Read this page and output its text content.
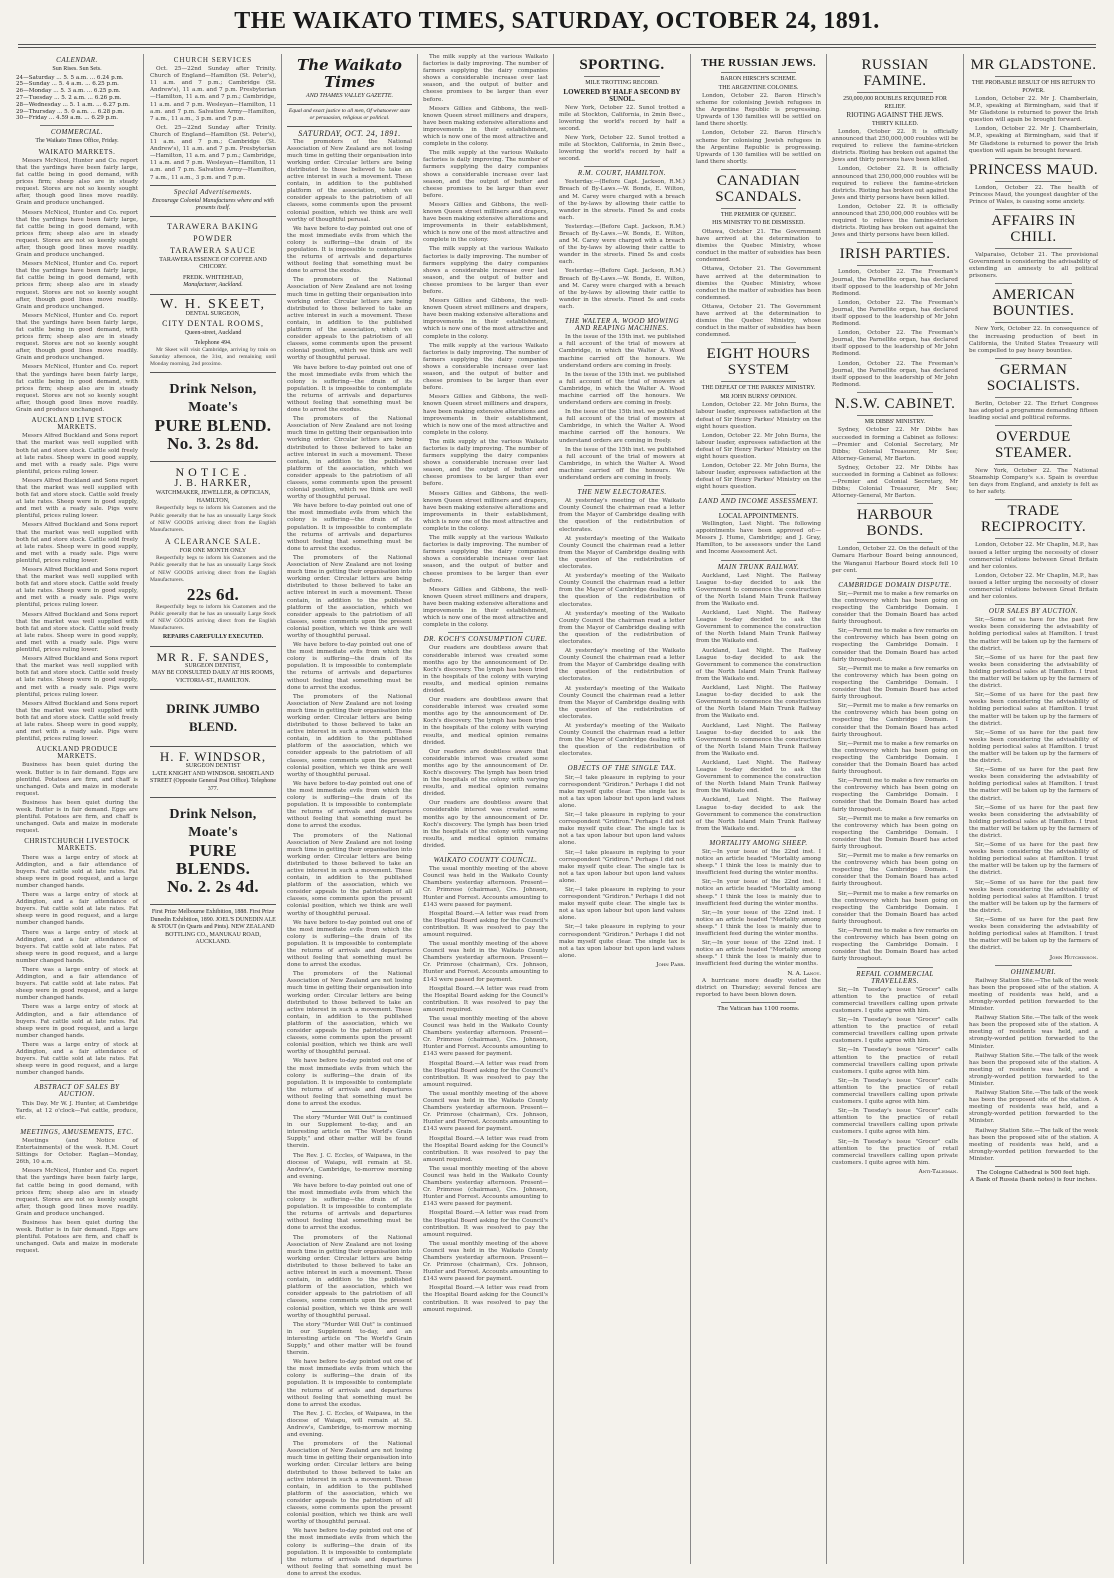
THE WAIKATO TIMES, SATURDAY, OCTOBER 24, 1891.
CALENDAR.
Sun Rises. Sun Sets.
24—Saturday ... 5. 5 a.m. ... 6.24 p.m.
25—Sunday ... 5. 4 a.m. ... 6.25 p.m.
26—Monday ... 5. 3 a.m. ... 6.25 p.m.
27—Tuesday ... 5. 2 a.m. ... 6.26 p.m.
28—Wednesday ... 5. 1 a.m. ... 6.27 p.m.
29—Thursday ... 5. 0 a.m. ... 6.28 p.m.
30—Friday ... 4.59 a.m. ... 6.29 p.m.
COMMERCIAL.
The Waikato Times Office, Friday.
WAIKATO MARKETS.

Messrs McNicol, Hunter and Co. report that the yardings have been fairly large, fat cattle being in good demand, with prices firm; sheep also are in steady request. Stores are not so keenly sought after, though good lines move readily. Grain and produce unchanged.

Messrs McNicol, Hunter and Co. report that the yardings have been fairly large, fat cattle being in good demand, with prices firm; sheep also are in steady request. Stores are not so keenly sought after, though good lines move readily. Grain and produce unchanged.

Messrs McNicol, Hunter and Co. report that the yardings have been fairly large, fat cattle being in good demand, with prices firm; sheep also are in steady request. Stores are not so keenly sought after, though good lines move readily. Grain and produce unchanged.

Messrs McNicol, Hunter and Co. report that the yardings have been fairly large, fat cattle being in good demand, with prices firm; sheep also are in steady request. Stores are not so keenly sought after, though good lines move readily. Grain and produce unchanged.

Messrs McNicol, Hunter and Co. report that the yardings have been fairly large, fat cattle being in good demand, with prices firm; sheep also are in steady request. Stores are not so keenly sought after, though good lines move readily. Grain and produce unchanged.

AUCKLAND LIVE STOCK MARKETS.

Messrs Alfred Buckland and Sons report that the market was well supplied with both fat and store stock. Cattle sold freely at late rates. Sheep were in good supply, and met with a ready sale. Pigs were plentiful, prices ruling lower.

Messrs Alfred Buckland and Sons report that the market was well supplied with both fat and store stock. Cattle sold freely at late rates. Sheep were in good supply, and met with a ready sale. Pigs were plentiful, prices ruling lower.

Messrs Alfred Buckland and Sons report that the market was well supplied with both fat and store stock. Cattle sold freely at late rates. Sheep were in good supply, and met with a ready sale. Pigs were plentiful, prices ruling lower.

Messrs Alfred Buckland and Sons report that the market was well supplied with both fat and store stock. Cattle sold freely at late rates. Sheep were in good supply, and met with a ready sale. Pigs were plentiful, prices ruling lower.

Messrs Alfred Buckland and Sons report that the market was well supplied with both fat and store stock. Cattle sold freely at late rates. Sheep were in good supply, and met with a ready sale. Pigs were plentiful, prices ruling lower.

Messrs Alfred Buckland and Sons report that the market was well supplied with both fat and store stock. Cattle sold freely at late rates. Sheep were in good supply, and met with a ready sale. Pigs were plentiful, prices ruling lower.

Messrs Alfred Buckland and Sons report that the market was well supplied with both fat and store stock. Cattle sold freely at late rates. Sheep were in good supply, and met with a ready sale. Pigs were plentiful, prices ruling lower.

AUCKLAND PRODUCE MARKETS.

Business has been quiet during the week. Butter is in fair demand. Eggs are plentiful. Potatoes are firm, and chaff is unchanged. Oats and maize in moderate request.

Business has been quiet during the week. Butter is in fair demand. Eggs are plentiful. Potatoes are firm, and chaff is unchanged. Oats and maize in moderate request.

CHRISTCHURCH LIVESTOCK MARKETS.

There was a large entry of stock at Addington, and a fair attendance of buyers. Fat cattle sold at late rates. Fat sheep were in good request, and a large number changed hands.

There was a large entry of stock at Addington, and a fair attendance of buyers. Fat cattle sold at late rates. Fat sheep were in good request, and a large number changed hands.

There was a large entry of stock at Addington, and a fair attendance of buyers. Fat cattle sold at late rates. Fat sheep were in good request, and a large number changed hands.

There was a large entry of stock at Addington, and a fair attendance of buyers. Fat cattle sold at late rates. Fat sheep were in good request, and a large number changed hands.

There was a large entry of stock at Addington, and a fair attendance of buyers. Fat cattle sold at late rates. Fat sheep were in good request, and a large number changed hands.

There was a large entry of stock at Addington, and a fair attendance of buyers. Fat cattle sold at late rates. Fat sheep were in good request, and a large number changed hands.

ABSTRACT OF SALES BY AUCTION.

This Day. Mr W. J. Hunter, at Cambridge Yards, at 12 o'clock—Fat cattle, produce, etc.

MEETINGS, AMUSEMENTS, ETC.

Meetings (and Notice of Entertainments) of the week. R.M. Court Sittings for October. Raglan—Monday, 26th, 10 a.m.

Messrs McNicol, Hunter and Co. report that the yardings have been fairly large, fat cattle being in good demand, with prices firm; sheep also are in steady request. Stores are not so keenly sought after, though good lines move readily. Grain and produce unchanged.

Business has been quiet during the week. Butter is in fair demand. Eggs are plentiful. Potatoes are firm, and chaff is unchanged. Oats and maize in moderate request.

CHURCH SERVICES

Oct. 25—22nd Sunday after Trinity. Church of England—Hamilton (St. Peter's), 11 a.m. and 7 p.m.; Cambridge (St. Andrew's), 11 a.m. and 7 p.m. Presbyterian—Hamilton, 11 a.m. and 7 p.m.; Cambridge, 11 a.m. and 7 p.m. Wesleyan—Hamilton, 11 a.m. and 7 p.m. Salvation Army—Hamilton, 7 a.m., 11 a.m., 3 p.m. and 7 p.m.

Oct. 25—22nd Sunday after Trinity. Church of England—Hamilton (St. Peter's), 11 a.m. and 7 p.m.; Cambridge (St. Andrew's), 11 a.m. and 7 p.m. Presbyterian—Hamilton, 11 a.m. and 7 p.m.; Cambridge, 11 a.m. and 7 p.m. Wesleyan—Hamilton, 11 a.m. and 7 p.m. Salvation Army—Hamilton, 7 a.m., 11 a.m., 3 p.m. and 7 p.m.

Special Advertisements.
Encourage Colonial Manufactures where and with presents itself.
TARAWERA BAKING POWDER
TARAWERA SAUCE
TARAWERA ESSENCE OF COFFEE AND CHICORY.
FREDK. WHITEHEAD,
Manufacturer, Auckland.
W. H. SKEET,
DENTAL SURGEON,
CITY DENTAL ROOMS,
Queen-street, Auckland
Telephone 494.

Mr Skeet will visit Cambridge, arriving by train on Saturday afternoon, the 31st, and remaining until Monday morning, 2nd proximo.

Drink Nelson, Moate's
PURE BLEND.
No. 3. 2s 8d.
NOTICE.
J. B. HARKER,
WATCHMAKER, JEWELLER, & OPTICIAN, HAMILTON,

Respectfully begs to inform his Customers and the Public generally that he has an unusually Large Stock of NEW GOODS arriving direct from the English Manufacturers.

A CLEARANCE SALE.
FOR ONE MONTH ONLY

Respectfully begs to inform his Customers and the Public generally that he has an unusually Large Stock of NEW GOODS arriving direct from the English Manufacturers.

22s 6d.

Respectfully begs to inform his Customers and the Public generally that he has an unusually Large Stock of NEW GOODS arriving direct from the English Manufacturers.

REPAIRS CAREFULLY EXECUTED.
MR R. F. SANDES,
SURGEON DENTIST,
MAY BE CONSULTED DAILY AT HIS ROOMS, VICTORIA-ST., HAMILTON.
DRINK JUMBO BLEND.
H. F. WINDSOR,
SURGEON DENTIST
LATE KNIGHT AND WINDSOR. SHORTLAND STREET (Opposite General Post Office). Telephone 377.
Drink Nelson, Moate's
PURE BLENDS.
No. 2. 2s 4d.
First Prize Melbourne Exhibition, 1888. First Prize Dunedin Exhibition, 1890. JOEL'S DUNEDIN ALE & STOUT (in Quarts and Pints). NEW ZEALAND BOTTLING CO., MANUKAU ROAD, AUCKLAND.
The Waikato Times
AND THAMES VALLEY GAZETTE.
Equal and exact justice to all men, Of whatsoever state or persuasion, religious or political.
SATURDAY, OCT. 24, 1891.

The promoters of the National Association of New Zealand are not losing much time in getting their organisation into working order. Circular letters are being distributed to those believed to take an active interest in such a movement. These contain, in addition to the published platform of the association, which we consider appeals to the patriotism of all classes, some comments upon the present colonial position, which we think are well worthy of thoughtful perusal.

We have before to-day pointed out one of the most immediate evils from which the colony is suffering—the drain of its population. It is impossible to contemplate the returns of arrivals and departures without feeling that something must be done to arrest the exodus.

The promoters of the National Association of New Zealand are not losing much time in getting their organisation into working order. Circular letters are being distributed to those believed to take an active interest in such a movement. These contain, in addition to the published platform of the association, which we consider appeals to the patriotism of all classes, some comments upon the present colonial position, which we think are well worthy of thoughtful perusal.

We have before to-day pointed out one of the most immediate evils from which the colony is suffering—the drain of its population. It is impossible to contemplate the returns of arrivals and departures without feeling that something must be done to arrest the exodus.

The promoters of the National Association of New Zealand are not losing much time in getting their organisation into working order. Circular letters are being distributed to those believed to take an active interest in such a movement. These contain, in addition to the published platform of the association, which we consider appeals to the patriotism of all classes, some comments upon the present colonial position, which we think are well worthy of thoughtful perusal.

We have before to-day pointed out one of the most immediate evils from which the colony is suffering—the drain of its population. It is impossible to contemplate the returns of arrivals and departures without feeling that something must be done to arrest the exodus.

The promoters of the National Association of New Zealand are not losing much time in getting their organisation into working order. Circular letters are being distributed to those believed to take an active interest in such a movement. These contain, in addition to the published platform of the association, which we consider appeals to the patriotism of all classes, some comments upon the present colonial position, which we think are well worthy of thoughtful perusal.

We have before to-day pointed out one of the most immediate evils from which the colony is suffering—the drain of its population. It is impossible to contemplate the returns of arrivals and departures without feeling that something must be done to arrest the exodus.

The promoters of the National Association of New Zealand are not losing much time in getting their organisation into working order. Circular letters are being distributed to those believed to take an active interest in such a movement. These contain, in addition to the published platform of the association, which we consider appeals to the patriotism of all classes, some comments upon the present colonial position, which we think are well worthy of thoughtful perusal.

We have before to-day pointed out one of the most immediate evils from which the colony is suffering—the drain of its population. It is impossible to contemplate the returns of arrivals and departures without feeling that something must be done to arrest the exodus.

The promoters of the National Association of New Zealand are not losing much time in getting their organisation into working order. Circular letters are being distributed to those believed to take an active interest in such a movement. These contain, in addition to the published platform of the association, which we consider appeals to the patriotism of all classes, some comments upon the present colonial position, which we think are well worthy of thoughtful perusal.

We have before to-day pointed out one of the most immediate evils from which the colony is suffering—the drain of its population. It is impossible to contemplate the returns of arrivals and departures without feeling that something must be done to arrest the exodus.

The promoters of the National Association of New Zealand are not losing much time in getting their organisation into working order. Circular letters are being distributed to those believed to take an active interest in such a movement. These contain, in addition to the published platform of the association, which we consider appeals to the patriotism of all classes, some comments upon the present colonial position, which we think are well worthy of thoughtful perusal.

We have before to-day pointed out one of the most immediate evils from which the colony is suffering—the drain of its population. It is impossible to contemplate the returns of arrivals and departures without feeling that something must be done to arrest the exodus.

The story "Murder Will Out" is continued in our Supplement to-day, and an interesting article on "The World's Grain Supply," and other matter will be found therein.

The Rev. J. C. Eccles, of Waipawa, in the diocese of Waiapu, will remain at St. Andrew's, Cambridge, to-morrow morning and evening.

We have before to-day pointed out one of the most immediate evils from which the colony is suffering—the drain of its population. It is impossible to contemplate the returns of arrivals and departures without feeling that something must be done to arrest the exodus.

The promoters of the National Association of New Zealand are not losing much time in getting their organisation into working order. Circular letters are being distributed to those believed to take an active interest in such a movement. These contain, in addition to the published platform of the association, which we consider appeals to the patriotism of all classes, some comments upon the present colonial position, which we think are well worthy of thoughtful perusal.

The story "Murder Will Out" is continued in our Supplement to-day, and an interesting article on "The World's Grain Supply," and other matter will be found therein.

We have before to-day pointed out one of the most immediate evils from which the colony is suffering—the drain of its population. It is impossible to contemplate the returns of arrivals and departures without feeling that something must be done to arrest the exodus.

The Rev. J. C. Eccles, of Waipawa, in the diocese of Waiapu, will remain at St. Andrew's, Cambridge, to-morrow morning and evening.

The promoters of the National Association of New Zealand are not losing much time in getting their organisation into working order. Circular letters are being distributed to those believed to take an active interest in such a movement. These contain, in addition to the published platform of the association, which we consider appeals to the patriotism of all classes, some comments upon the present colonial position, which we think are well worthy of thoughtful perusal.

We have before to-day pointed out one of the most immediate evils from which the colony is suffering—the drain of its population. It is impossible to contemplate the returns of arrivals and departures without feeling that something must be done to arrest the exodus.

The milk supply at the various Waikato factories is daily improving. The number of farmers supplying the dairy companies shows a considerable increase over last season, and the output of butter and cheese promises to be larger than ever before.

Messrs Gillies and Gibbons, the well-known Queen street milliners and drapers, have been making extensive alterations and improvements in their establishment, which is now one of the most attractive and complete in the colony.

The milk supply at the various Waikato factories is daily improving. The number of farmers supplying the dairy companies shows a considerable increase over last season, and the output of butter and cheese promises to be larger than ever before.

Messrs Gillies and Gibbons, the well-known Queen street milliners and drapers, have been making extensive alterations and improvements in their establishment, which is now one of the most attractive and complete in the colony.

The milk supply at the various Waikato factories is daily improving. The number of farmers supplying the dairy companies shows a considerable increase over last season, and the output of butter and cheese promises to be larger than ever before.

Messrs Gillies and Gibbons, the well-known Queen street milliners and drapers, have been making extensive alterations and improvements in their establishment, which is now one of the most attractive and complete in the colony.

The milk supply at the various Waikato factories is daily improving. The number of farmers supplying the dairy companies shows a considerable increase over last season, and the output of butter and cheese promises to be larger than ever before.

Messrs Gillies and Gibbons, the well-known Queen street milliners and drapers, have been making extensive alterations and improvements in their establishment, which is now one of the most attractive and complete in the colony.

The milk supply at the various Waikato factories is daily improving. The number of farmers supplying the dairy companies shows a considerable increase over last season, and the output of butter and cheese promises to be larger than ever before.

Messrs Gillies and Gibbons, the well-known Queen street milliners and drapers, have been making extensive alterations and improvements in their establishment, which is now one of the most attractive and complete in the colony.

The milk supply at the various Waikato factories is daily improving. The number of farmers supplying the dairy companies shows a considerable increase over last season, and the output of butter and cheese promises to be larger than ever before.

Messrs Gillies and Gibbons, the well-known Queen street milliners and drapers, have been making extensive alterations and improvements in their establishment, which is now one of the most attractive and complete in the colony.

DR. KOCH'S CONSUMPTION CURE.

Our readers are doubtless aware that considerable interest was created some months ago by the announcement of Dr. Koch's discovery. The lymph has been tried in the hospitals of the colony with varying results, and medical opinion remains divided.

Our readers are doubtless aware that considerable interest was created some months ago by the announcement of Dr. Koch's discovery. The lymph has been tried in the hospitals of the colony with varying results, and medical opinion remains divided.

Our readers are doubtless aware that considerable interest was created some months ago by the announcement of Dr. Koch's discovery. The lymph has been tried in the hospitals of the colony with varying results, and medical opinion remains divided.

Our readers are doubtless aware that considerable interest was created some months ago by the announcement of Dr. Koch's discovery. The lymph has been tried in the hospitals of the colony with varying results, and medical opinion remains divided.

WAIKATO COUNTY COUNCIL.

The usual monthly meeting of the above Council was held in the Waikato County Chambers yesterday afternoon. Present—Cr. Primrose (chairman), Crs. Johnson, Hunter and Forrest. Accounts amounting to £143 were passed for payment.

Hospital Board.—A letter was read from the Hospital Board asking for the Council's contribution. It was resolved to pay the amount required.

The usual monthly meeting of the above Council was held in the Waikato County Chambers yesterday afternoon. Present—Cr. Primrose (chairman), Crs. Johnson, Hunter and Forrest. Accounts amounting to £143 were passed for payment.

Hospital Board.—A letter was read from the Hospital Board asking for the Council's contribution. It was resolved to pay the amount required.

The usual monthly meeting of the above Council was held in the Waikato County Chambers yesterday afternoon. Present—Cr. Primrose (chairman), Crs. Johnson, Hunter and Forrest. Accounts amounting to £143 were passed for payment.

Hospital Board.—A letter was read from the Hospital Board asking for the Council's contribution. It was resolved to pay the amount required.

The usual monthly meeting of the above Council was held in the Waikato County Chambers yesterday afternoon. Present—Cr. Primrose (chairman), Crs. Johnson, Hunter and Forrest. Accounts amounting to £143 were passed for payment.

Hospital Board.—A letter was read from the Hospital Board asking for the Council's contribution. It was resolved to pay the amount required.

The usual monthly meeting of the above Council was held in the Waikato County Chambers yesterday afternoon. Present—Cr. Primrose (chairman), Crs. Johnson, Hunter and Forrest. Accounts amounting to £143 were passed for payment.

Hospital Board.—A letter was read from the Hospital Board asking for the Council's contribution. It was resolved to pay the amount required.

The usual monthly meeting of the above Council was held in the Waikato County Chambers yesterday afternoon. Present—Cr. Primrose (chairman), Crs. Johnson, Hunter and Forrest. Accounts amounting to £143 were passed for payment.

Hospital Board.—A letter was read from the Hospital Board asking for the Council's contribution. It was resolved to pay the amount required.

SPORTING.
MILE TROTTING RECORD.
LOWERED BY HALF A SECOND BY SUNOL.

New York, October 22. Sunol trotted a mile at Stockton, California, in 2min 8sec., lowering the world's record by half a second.

New York, October 22. Sunol trotted a mile at Stockton, California, in 2min 8sec., lowering the world's record by half a second.

R.M. COURT, HAMILTON.

Yesterday.—(Before Capt. Jackson, R.M.) Breach of By-Laws.—W. Bonds, E. Wilton, and M. Carey were charged with a breach of the by-laws by allowing their cattle to wander in the streets. Fined 5s and costs each.

Yesterday.—(Before Capt. Jackson, R.M.) Breach of By-Laws.—W. Bonds, E. Wilton, and M. Carey were charged with a breach of the by-laws by allowing their cattle to wander in the streets. Fined 5s and costs each.

Yesterday.—(Before Capt. Jackson, R.M.) Breach of By-Laws.—W. Bonds, E. Wilton, and M. Carey were charged with a breach of the by-laws by allowing their cattle to wander in the streets. Fined 5s and costs each.

THE WALTER A. WOOD MOWING AND REAPING MACHINES.

In the issue of the 15th inst. we published a full account of the trial of mowers at Cambridge, in which the Walter A. Wood machine carried off the honours. We understand orders are coming in freely.

In the issue of the 15th inst. we published a full account of the trial of mowers at Cambridge, in which the Walter A. Wood machine carried off the honours. We understand orders are coming in freely.

In the issue of the 15th inst. we published a full account of the trial of mowers at Cambridge, in which the Walter A. Wood machine carried off the honours. We understand orders are coming in freely.

In the issue of the 15th inst. we published a full account of the trial of mowers at Cambridge, in which the Walter A. Wood machine carried off the honours. We understand orders are coming in freely.

THE NEW ELECTORATES.

At yesterday's meeting of the Waikato County Council the chairman read a letter from the Mayor of Cambridge dealing with the question of the redistribution of electorates.

At yesterday's meeting of the Waikato County Council the chairman read a letter from the Mayor of Cambridge dealing with the question of the redistribution of electorates.

At yesterday's meeting of the Waikato County Council the chairman read a letter from the Mayor of Cambridge dealing with the question of the redistribution of electorates.

At yesterday's meeting of the Waikato County Council the chairman read a letter from the Mayor of Cambridge dealing with the question of the redistribution of electorates.

At yesterday's meeting of the Waikato County Council the chairman read a letter from the Mayor of Cambridge dealing with the question of the redistribution of electorates.

At yesterday's meeting of the Waikato County Council the chairman read a letter from the Mayor of Cambridge dealing with the question of the redistribution of electorates.

At yesterday's meeting of the Waikato County Council the chairman read a letter from the Mayor of Cambridge dealing with the question of the redistribution of electorates.

OBJECTS OF THE SINGLE TAX.

Sir,—I take pleasure in replying to your correspondent "Gridiron." Perhaps I did not make myself quite clear. The single tax is not a tax upon labour but upon land values alone.

Sir,—I take pleasure in replying to your correspondent "Gridiron." Perhaps I did not make myself quite clear. The single tax is not a tax upon labour but upon land values alone.

Sir,—I take pleasure in replying to your correspondent "Gridiron." Perhaps I did not make myself quite clear. The single tax is not a tax upon labour but upon land values alone.

Sir,—I take pleasure in replying to your correspondent "Gridiron." Perhaps I did not make myself quite clear. The single tax is not a tax upon labour but upon land values alone.

Sir,—I take pleasure in replying to your correspondent "Gridiron." Perhaps I did not make myself quite clear. The single tax is not a tax upon labour but upon land values alone.

John Parr.
THE RUSSIAN JEWS.
BARON HIRSCH'S SCHEME.
THE ARGENTINE COLONIES.

London, October 22. Baron Hirsch's scheme for colonising Jewish refugees in the Argentine Republic is progressing. Upwards of 130 families will be settled on land there shortly.

London, October 22. Baron Hirsch's scheme for colonising Jewish refugees in the Argentine Republic is progressing. Upwards of 130 families will be settled on land there shortly.

CANADIAN SCANDALS.
THE PREMIER OF QUEBEC.
HIS MINISTRY TO BE DISMISSED.

Ottawa, October 21. The Government have arrived at the determination to dismiss the Quebec Ministry, whose conduct in the matter of subsidies has been condemned.

Ottawa, October 21. The Government have arrived at the determination to dismiss the Quebec Ministry, whose conduct in the matter of subsidies has been condemned.

Ottawa, October 21. The Government have arrived at the determination to dismiss the Quebec Ministry, whose conduct in the matter of subsidies has been condemned.

EIGHT HOURS SYSTEM
THE DEFEAT OF THE PARKES' MINISTRY.
MR JOHN BURNS' OPINION.

London, October 22. Mr John Burns, the labour leader, expresses satisfaction at the defeat of Sir Henry Parkes' Ministry on the eight hours question.

London, October 22. Mr John Burns, the labour leader, expresses satisfaction at the defeat of Sir Henry Parkes' Ministry on the eight hours question.

London, October 22. Mr John Burns, the labour leader, expresses satisfaction at the defeat of Sir Henry Parkes' Ministry on the eight hours question.

LAND AND INCOME ASSESSMENT.
LOCAL APPOINTMENTS.

Wellington, Last Night. The following appointments have been approved of:—Messrs J. Hume, Cambridge; and J. Gray, Hamilton, to be assessors under the Land and Income Assessment Act.

MAIN TRUNK RAILWAY.

Auckland, Last Night. The Railway League to-day decided to ask the Government to commence the construction of the North Island Main Trunk Railway from the Waikato end.

Auckland, Last Night. The Railway League to-day decided to ask the Government to commence the construction of the North Island Main Trunk Railway from the Waikato end.

Auckland, Last Night. The Railway League to-day decided to ask the Government to commence the construction of the North Island Main Trunk Railway from the Waikato end.

Auckland, Last Night. The Railway League to-day decided to ask the Government to commence the construction of the North Island Main Trunk Railway from the Waikato end.

Auckland, Last Night. The Railway League to-day decided to ask the Government to commence the construction of the North Island Main Trunk Railway from the Waikato end.

Auckland, Last Night. The Railway League to-day decided to ask the Government to commence the construction of the North Island Main Trunk Railway from the Waikato end.

Auckland, Last Night. The Railway League to-day decided to ask the Government to commence the construction of the North Island Main Trunk Railway from the Waikato end.

MORTALITY AMONG SHEEP.

Sir,—In your issue of the 22nd inst. I notice an article headed "Mortality among sheep." I think the loss is mainly due to insufficient feed during the winter months.

Sir,—In your issue of the 22nd inst. I notice an article headed "Mortality among sheep." I think the loss is mainly due to insufficient feed during the winter months.

Sir,—In your issue of the 22nd inst. I notice an article headed "Mortality among sheep." I think the loss is mainly due to insufficient feed during the winter months.

Sir,—In your issue of the 22nd inst. I notice an article headed "Mortality among sheep." I think the loss is mainly due to insufficient feed during the winter months.

N. A. Lanoy.

A hurricane more deadly visited the district on Thursday; several fences are reported to have been blown down.

The Vatican has 1100 rooms.
RUSSIAN FAMINE.
250,000,000 ROUBLES REQUIRED FOR RELIEF.
RIOTING AGAINST THE JEWS.
THIRTY KILLED.

London, October 22. It is officially announced that 250,000,000 roubles will be required to relieve the famine-stricken districts. Rioting has broken out against the Jews and thirty persons have been killed.

London, October 22. It is officially announced that 250,000,000 roubles will be required to relieve the famine-stricken districts. Rioting has broken out against the Jews and thirty persons have been killed.

London, October 22. It is officially announced that 250,000,000 roubles will be required to relieve the famine-stricken districts. Rioting has broken out against the Jews and thirty persons have been killed.

IRISH PARTIES.

London, October 22. The Freeman's Journal, the Parnellite organ, has declared itself opposed to the leadership of Mr John Redmond.

London, October 22. The Freeman's Journal, the Parnellite organ, has declared itself opposed to the leadership of Mr John Redmond.

London, October 22. The Freeman's Journal, the Parnellite organ, has declared itself opposed to the leadership of Mr John Redmond.

London, October 22. The Freeman's Journal, the Parnellite organ, has declared itself opposed to the leadership of Mr John Redmond.

N.S.W. CABINET.
MR DIBBS' MINISTRY.

Sydney, October 22. Mr Dibbs has succeeded in forming a Cabinet as follows:—Premier and Colonial Secretary, Mr Dibbs; Colonial Treasurer, Mr See; Attorney-General, Mr Barton.

Sydney, October 22. Mr Dibbs has succeeded in forming a Cabinet as follows:—Premier and Colonial Secretary, Mr Dibbs; Colonial Treasurer, Mr See; Attorney-General, Mr Barton.

HARBOUR BONDS.

London, October 22. On the default of the Oamaru Harbour Board being announced, the Wanganui Harbour Board stock fell 10 per cent.

CAMBRIDGE DOMAIN DISPUTE.

Sir,—Permit me to make a few remarks on the controversy which has been going on respecting the Cambridge Domain. I consider that the Domain Board has acted fairly throughout.

Sir,—Permit me to make a few remarks on the controversy which has been going on respecting the Cambridge Domain. I consider that the Domain Board has acted fairly throughout.

Sir,—Permit me to make a few remarks on the controversy which has been going on respecting the Cambridge Domain. I consider that the Domain Board has acted fairly throughout.

Sir,—Permit me to make a few remarks on the controversy which has been going on respecting the Cambridge Domain. I consider that the Domain Board has acted fairly throughout.

Sir,—Permit me to make a few remarks on the controversy which has been going on respecting the Cambridge Domain. I consider that the Domain Board has acted fairly throughout.

Sir,—Permit me to make a few remarks on the controversy which has been going on respecting the Cambridge Domain. I consider that the Domain Board has acted fairly throughout.

Sir,—Permit me to make a few remarks on the controversy which has been going on respecting the Cambridge Domain. I consider that the Domain Board has acted fairly throughout.

Sir,—Permit me to make a few remarks on the controversy which has been going on respecting the Cambridge Domain. I consider that the Domain Board has acted fairly throughout.

Sir,—Permit me to make a few remarks on the controversy which has been going on respecting the Cambridge Domain. I consider that the Domain Board has acted fairly throughout.

Sir,—Permit me to make a few remarks on the controversy which has been going on respecting the Cambridge Domain. I consider that the Domain Board has acted fairly throughout.

REFAIL COMMERCIAL TRAVELLERS.

Sir,—In Tuesday's issue "Grocer" calls attention to the practice of retail commercial travellers calling upon private customers. I quite agree with him.

Sir,—In Tuesday's issue "Grocer" calls attention to the practice of retail commercial travellers calling upon private customers. I quite agree with him.

Sir,—In Tuesday's issue "Grocer" calls attention to the practice of retail commercial travellers calling upon private customers. I quite agree with him.

Sir,—In Tuesday's issue "Grocer" calls attention to the practice of retail commercial travellers calling upon private customers. I quite agree with him.

Sir,—In Tuesday's issue "Grocer" calls attention to the practice of retail commercial travellers calling upon private customers. I quite agree with him.

Sir,—In Tuesday's issue "Grocer" calls attention to the practice of retail commercial travellers calling upon private customers. I quite agree with him.

Anti-Talisman.
MR GLADSTONE.
THE PROBABLE RESULT OF HIS RETURN TO POWER.

London, October 22. Mr J. Chamberlain, M.P., speaking at Birmingham, said that if Mr Gladstone is returned to power the Irish question will again be brought forward.

London, October 22. Mr J. Chamberlain, M.P., speaking at Birmingham, said that if Mr Gladstone is returned to power the Irish question will again be brought forward.

PRINCESS MAUD.

London, October 22. The health of Princess Maud, the youngest daughter of the Prince of Wales, is causing some anxiety.

AFFAIRS IN CHILI.

Valparaiso, October 21. The provisional Government is considering the advisability of extending an amnesty to all political prisoners.

AMERICAN BOUNTIES.

New York, October 22. In consequence of the increasing production of beet in California, the United States Treasury will be compelled to pay heavy bounties.

GERMAN SOCIALISTS.

Berlin, October 22. The Erfurt Congress has adopted a programme demanding fifteen leading social and political reforms.

OVERDUE STEAMER.

New York, October 22. The National Steamship Company's s.s. Spain is overdue ten days from England, and anxiety is felt as to her safety.

TRADE RECIPROCITY.

London, October 22. Mr Chaplin, M.P., has issued a letter urging the necessity of closer commercial relations between Great Britain and her colonies.

London, October 22. Mr Chaplin, M.P., has issued a letter urging the necessity of closer commercial relations between Great Britain and her colonies.

OUR SALES BY AUCTION.

Sir,—Some of us have for the past few weeks been considering the advisability of holding periodical sales at Hamilton. I trust the matter will be taken up by the farmers of the district.

Sir,—Some of us have for the past few weeks been considering the advisability of holding periodical sales at Hamilton. I trust the matter will be taken up by the farmers of the district.

Sir,—Some of us have for the past few weeks been considering the advisability of holding periodical sales at Hamilton. I trust the matter will be taken up by the farmers of the district.

Sir,—Some of us have for the past few weeks been considering the advisability of holding periodical sales at Hamilton. I trust the matter will be taken up by the farmers of the district.

Sir,—Some of us have for the past few weeks been considering the advisability of holding periodical sales at Hamilton. I trust the matter will be taken up by the farmers of the district.

Sir,—Some of us have for the past few weeks been considering the advisability of holding periodical sales at Hamilton. I trust the matter will be taken up by the farmers of the district.

Sir,—Some of us have for the past few weeks been considering the advisability of holding periodical sales at Hamilton. I trust the matter will be taken up by the farmers of the district.

Sir,—Some of us have for the past few weeks been considering the advisability of holding periodical sales at Hamilton. I trust the matter will be taken up by the farmers of the district.

Sir,—Some of us have for the past few weeks been considering the advisability of holding periodical sales at Hamilton. I trust the matter will be taken up by the farmers of the district.

John Hutchinson.
OHINEMURI.

Railway Station Site.—The talk of the week has been the proposed site of the station. A meeting of residents was held, and a strongly-worded petition forwarded to the Minister.

Railway Station Site.—The talk of the week has been the proposed site of the station. A meeting of residents was held, and a strongly-worded petition forwarded to the Minister.

Railway Station Site.—The talk of the week has been the proposed site of the station. A meeting of residents was held, and a strongly-worded petition forwarded to the Minister.

Railway Station Site.—The talk of the week has been the proposed site of the station. A meeting of residents was held, and a strongly-worded petition forwarded to the Minister.

Railway Station Site.—The talk of the week has been the proposed site of the station. A meeting of residents was held, and a strongly-worded petition forwarded to the Minister.

The Cologne Cathedral is 500 feet high.
A Bank of Russia (bank notes) is four inches.
